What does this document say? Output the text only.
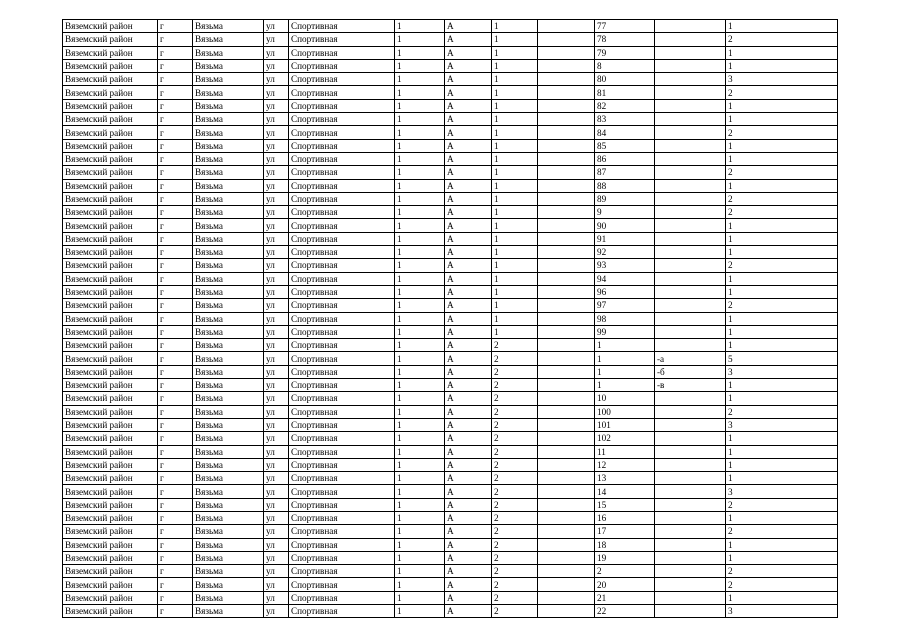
Вяземский район	г	Вязьма	ул	Спортивная	1	А	1		77		1
Вяземский район	г	Вязьма	ул	Спортивная	1	А	1		78		2
Вяземский район	г	Вязьма	ул	Спортивная	1	А	1		79		1
Вяземский район	г	Вязьма	ул	Спортивная	1	А	1		8		1
Вяземский район	г	Вязьма	ул	Спортивная	1	А	1		80		3
Вяземский район	г	Вязьма	ул	Спортивная	1	А	1		81		2
Вяземский район	г	Вязьма	ул	Спортивная	1	А	1		82		1
Вяземский район	г	Вязьма	ул	Спортивная	1	А	1		83		1
Вяземский район	г	Вязьма	ул	Спортивная	1	А	1		84		2
Вяземский район	г	Вязьма	ул	Спортивная	1	А	1		85		1
Вяземский район	г	Вязьма	ул	Спортивная	1	А	1		86		1
Вяземский район	г	Вязьма	ул	Спортивная	1	А	1		87		2
Вяземский район	г	Вязьма	ул	Спортивная	1	А	1		88		1
Вяземский район	г	Вязьма	ул	Спортивная	1	А	1		89		2
Вяземский район	г	Вязьма	ул	Спортивная	1	А	1		9		2
Вяземский район	г	Вязьма	ул	Спортивная	1	А	1		90		1
Вяземский район	г	Вязьма	ул	Спортивная	1	А	1		91		1
Вяземский район	г	Вязьма	ул	Спортивная	1	А	1		92		1
Вяземский район	г	Вязьма	ул	Спортивная	1	А	1		93		2
Вяземский район	г	Вязьма	ул	Спортивная	1	А	1		94		1
Вяземский район	г	Вязьма	ул	Спортивная	1	А	1		96		1
Вяземский район	г	Вязьма	ул	Спортивная	1	А	1		97		2
Вяземский район	г	Вязьма	ул	Спортивная	1	А	1		98		1
Вяземский район	г	Вязьма	ул	Спортивная	1	А	1		99		1
Вяземский район	г	Вязьма	ул	Спортивная	1	А	2		1		1
Вяземский район	г	Вязьма	ул	Спортивная	1	А	2		1	-а	5
Вяземский район	г	Вязьма	ул	Спортивная	1	А	2		1	-б	3
Вяземский район	г	Вязьма	ул	Спортивная	1	А	2		1	-в	1
Вяземский район	г	Вязьма	ул	Спортивная	1	А	2		10		1
Вяземский район	г	Вязьма	ул	Спортивная	1	А	2		100		2
Вяземский район	г	Вязьма	ул	Спортивная	1	А	2		101		3
Вяземский район	г	Вязьма	ул	Спортивная	1	А	2		102		1
Вяземский район	г	Вязьма	ул	Спортивная	1	А	2		11		1
Вяземский район	г	Вязьма	ул	Спортивная	1	А	2		12		1
Вяземский район	г	Вязьма	ул	Спортивная	1	А	2		13		1
Вяземский район	г	Вязьма	ул	Спортивная	1	А	2		14		3
Вяземский район	г	Вязьма	ул	Спортивная	1	А	2		15		2
Вяземский район	г	Вязьма	ул	Спортивная	1	А	2		16		1
Вяземский район	г	Вязьма	ул	Спортивная	1	А	2		17		2
Вяземский район	г	Вязьма	ул	Спортивная	1	А	2		18		1
Вяземский район	г	Вязьма	ул	Спортивная	1	А	2		19		1
Вяземский район	г	Вязьма	ул	Спортивная	1	А	2		2		2
Вяземский район	г	Вязьма	ул	Спортивная	1	А	2		20		2
Вяземский район	г	Вязьма	ул	Спортивная	1	А	2		21		1
Вяземский район	г	Вязьма	ул	Спортивная	1	А	2		22		3
